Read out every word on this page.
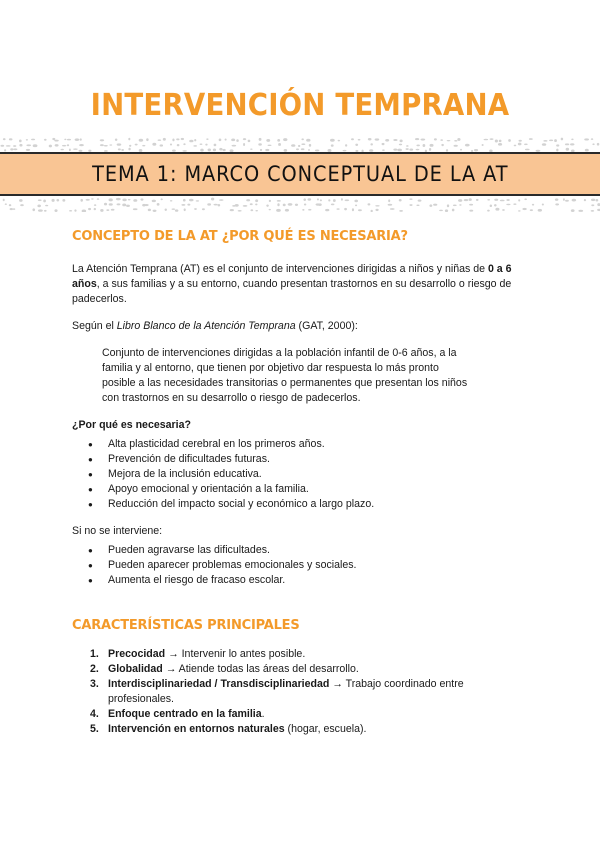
INTERVENCIÓN TEMPRANA
TEMA 1: MARCO CONCEPTUAL DE LA AT
CONCEPTO DE LA AT ¿POR QUÉ ES NECESARIA?

La Atención Temprana (AT) es el conjunto de intervenciones dirigidas a niños y niñas de 0 a 6 años, a sus familias y a su entorno, cuando presentan trastornos en su desarrollo o riesgo de padecerlos.

Según el Libro Blanco de la Atención Temprana (GAT, 2000):

Conjunto de intervenciones dirigidas a la población infantil de 0-6 años, a la familia y al entorno, que tienen por objetivo dar respuesta lo más pronto posible a las necesidades transitorias o permanentes que presentan los niños con trastornos en su desarrollo o riesgo de padecerlos.

¿Por qué es necesaria?

● Alta plasticidad cerebral en los primeros años.
● Prevención de dificultades futuras.
● Mejora de la inclusión educativa.
● Apoyo emocional y orientación a la familia.
● Reducción del impacto social y económico a largo plazo.

Si no se interviene:

● Pueden agravarse las dificultades.
● Pueden aparecer problemas emocionales y sociales.
● Aumenta el riesgo de fracaso escolar.
CARACTERÍSTICAS PRINCIPALES
1. Precocidad → Intervenir lo antes posible.
2. Globalidad → Atiende todas las áreas del desarrollo.
3. Interdisciplinariedad / Transdisciplinariedad → Trabajo coordinado entre profesionales.
4. Enfoque centrado en la familia.
5. Intervención en entornos naturales (hogar, escuela).
